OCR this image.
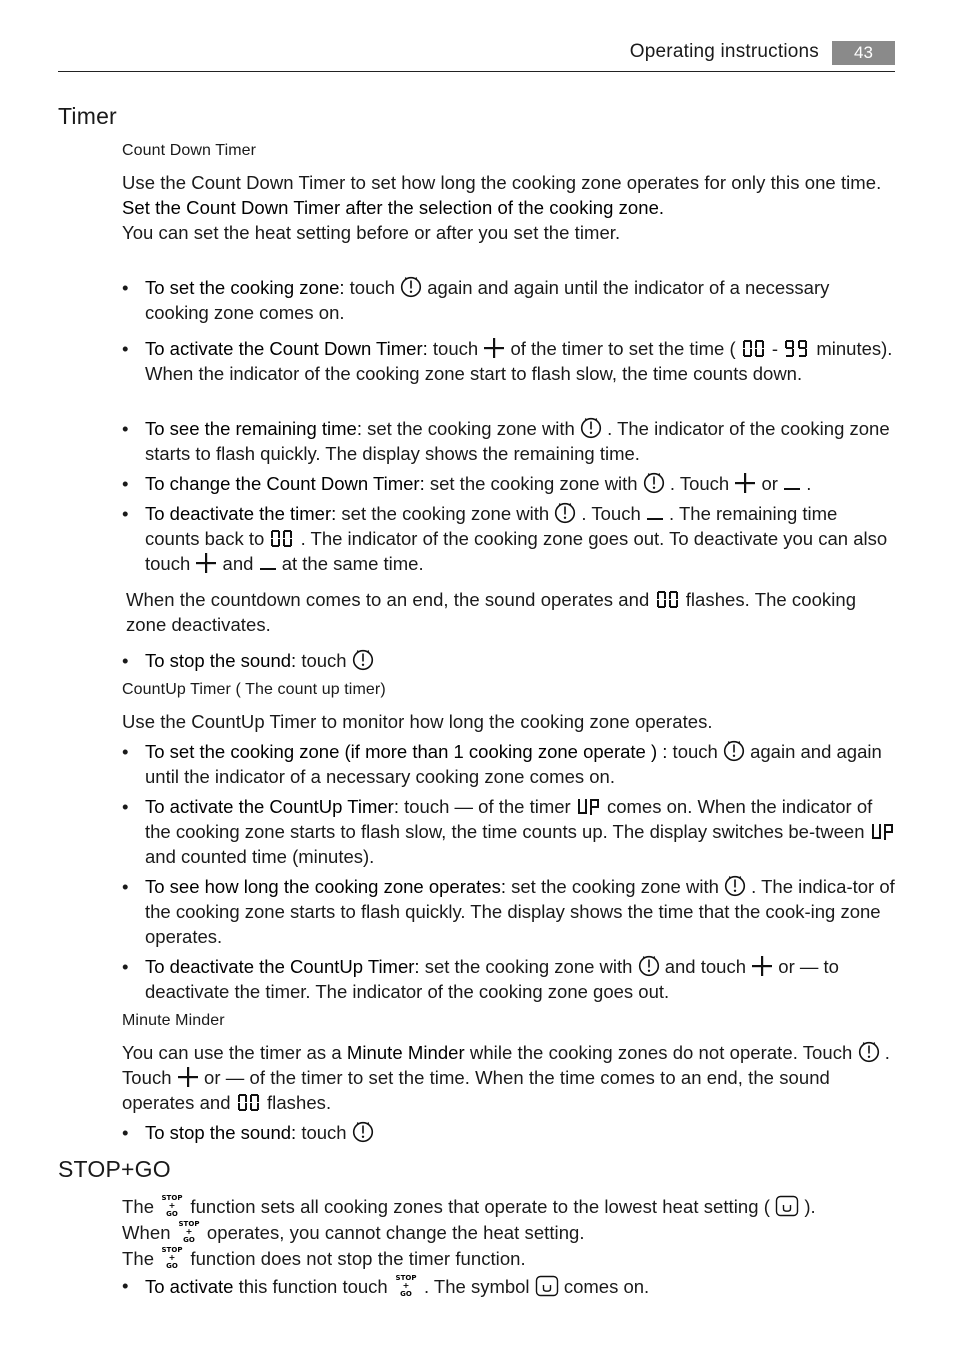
Operating instructions	43
Timer
Count Down Timer
Use the Count Down Timer to set how long the cooking zone operates for only this one time.
Set the Count Down Timer after the selection of the cooking zone.
You can set the heat setting before or after you set the timer.
• To set the cooking zone: touch
again and again until the indicator of a necessary cooking zone comes on.
• To activate the Count Down Timer: touch
of the timer to set the time (
-
minutes). When the indicator of the cooking zone start to flash slow, the time counts down.
• To see the remaining time: set the cooking zone with
. The indicator of the cooking zone starts to flash quickly. The display shows the remaining time.
• To change the Count Down Timer: set the cooking zone with
. Touch
or
.
• To deactivate the timer: set the cooking zone with
. Touch
. The remaining time counts back to
. The indicator of the cooking zone goes out. To deactivate you can also touch
and
at the same time.
When the countdown comes to an end, the sound operates and
flashes. The cooking zone deactivates.
• To stop the sound: touch
CountUp Timer ( The count up timer)
Use the CountUp Timer to monitor how long the cooking zone operates.
• To set the cooking zone (if more than 1 cooking zone operate ) : touch
again and again until the indicator of a necessary cooking zone comes on.
• To activate the CountUp Timer: touch — of the timer
comes on. When the indicator of the cooking zone starts to flash slow, the time counts up. The display switches be-tween
and counted time (minutes).
• To see how long the cooking zone operates: set the cooking zone with
. The indica-tor of the cooking zone starts to flash quickly. The display shows the time that the cook-ing zone operates.
• To deactivate the CountUp Timer: set the cooking zone with
and touch
or — to deactivate the timer. The indicator of the cooking zone goes out.
Minute Minder
You can use the timer as a Minute Minder while the cooking zones do not operate. Touch
. Touch
or — of the timer to set the time. When the time comes to an end, the sound operates and
flashes.
• To stop the sound: touch
STOP+GO
The STOP
+
GO function sets all cooking zones that operate to the lowest heat setting (
).
When STOP
+
GO operates, you cannot change the heat setting.
The STOP
+
GO function does not stop the timer function.
• To activate this function touch STOP
+
GO . The symbol
comes on.
